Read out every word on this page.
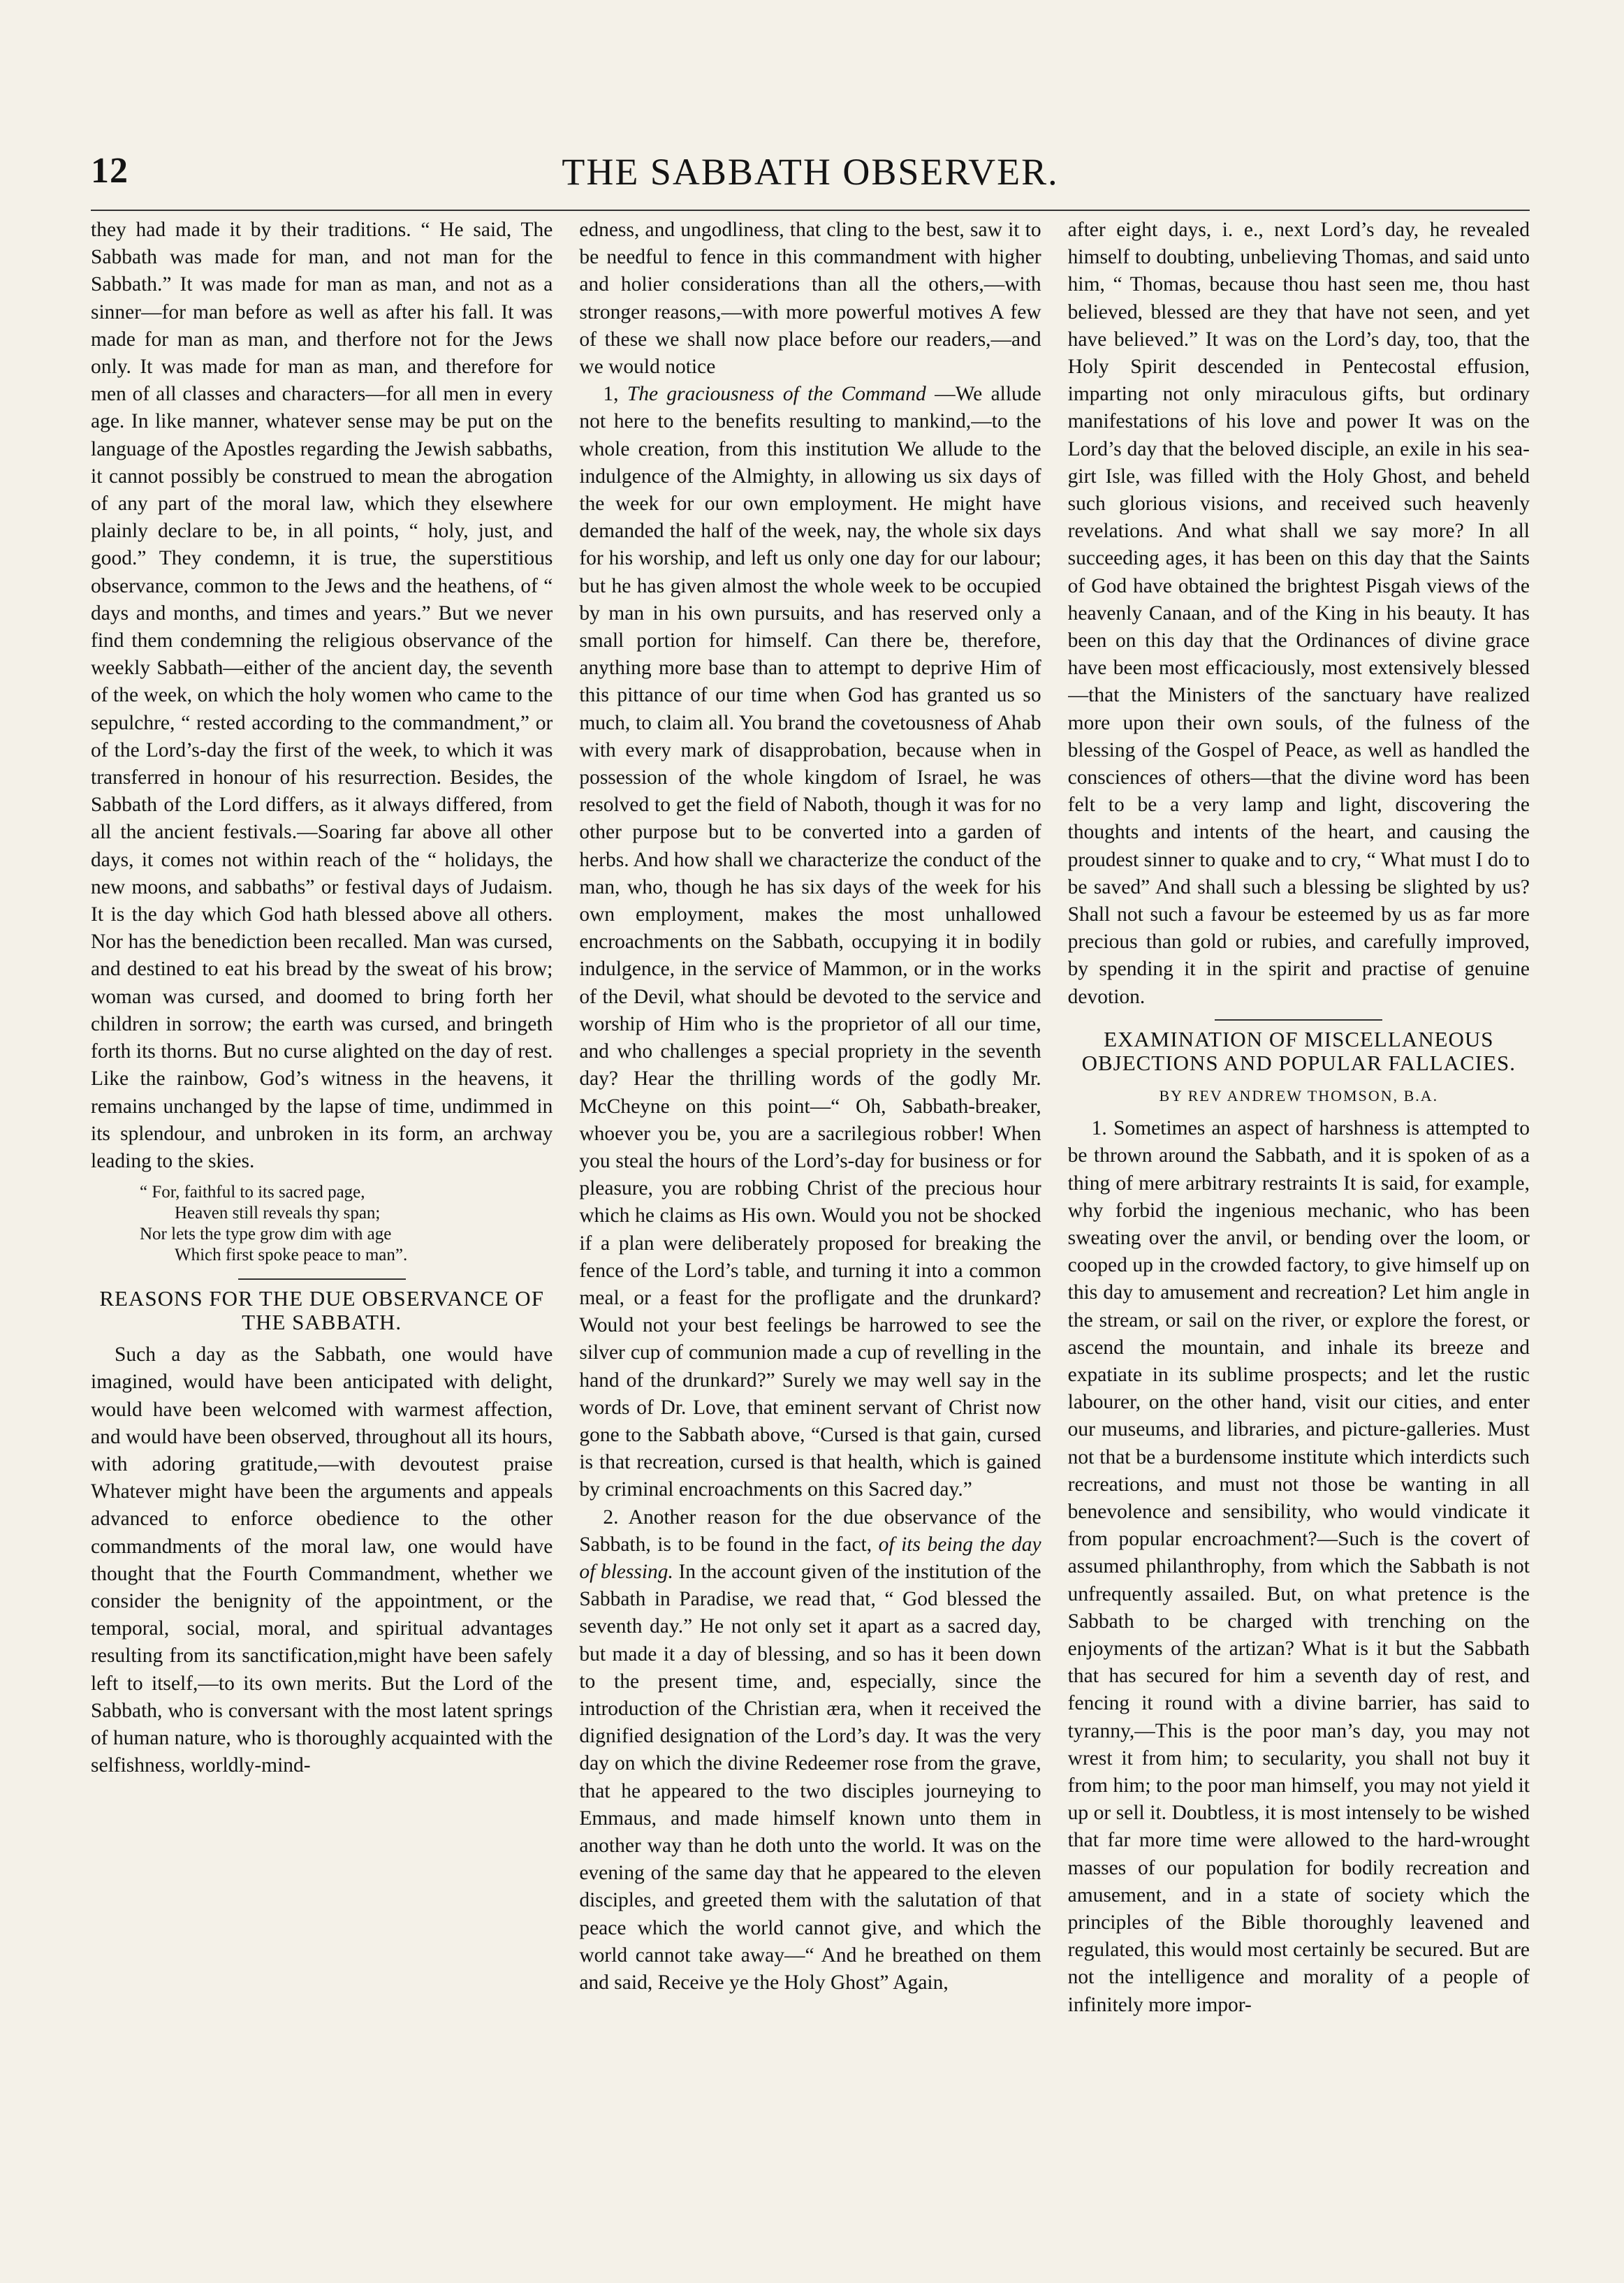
12	THE SABBATH OBSERVER.

they had made it by their traditions. “ He said, The Sabbath was made for man, and not man for the Sabbath.” It was made for man as man, and not as a sinner—for man before as well as after his fall. It was made for man as man, and therfore not for the Jews only. It was made for man as man, and therefore for men of all classes and characters—for all men in every age. In like manner, whatever sense may be put on the language of the Apostles regarding the Jewish sabbaths, it cannot possibly be construed to mean the abrogation of any part of the moral law, which they elsewhere plainly declare to be, in all points, “ holy, just, and good.” They condemn, it is true, the superstitious observance, common to the Jews and the heathens, of “ days and months, and times and years.” But we never find them condemning the religious observance of the weekly Sabbath—either of the ancient day, the seventh of the week, on which the holy women who came to the sepulchre, “ rested according to the commandment,” or of the Lord’s-day the first of the week, to which it was transferred in honour of his resurrection. Besides, the Sabbath of the Lord differs, as it always differed, from all the ancient festivals.—Soaring far above all other days, it comes not within reach of the “ holidays, the new moons, and sabbaths” or festival days of Judaism. It is the day which God hath blessed above all others. Nor has the benediction been recalled. Man was cursed, and destined to eat his bread by the sweat of his brow; woman was cursed, and doomed to bring forth her children in sorrow; the earth was cursed, and bringeth forth its thorns. But no curse alighted on the day of rest. Like the rainbow, God’s witness in the heavens, it remains unchanged by the lapse of time, undimmed in its splendour, and unbroken in its form, an archway leading to the skies.

“ For, faithful to its sacred page,
Heaven still reveals thy span;
Nor lets the type grow dim with age
Which first spoke peace to man”.
REASONS FOR THE DUE OBSERVANCE OF THE SABBATH.

Such a day as the Sabbath, one would have imagined, would have been anticipated with delight, would have been welcomed with warmest affection, and would have been observed, throughout all its hours, with adoring gratitude,—with devoutest praise Whatever might have been the arguments and appeals advanced to enforce obedience to the other commandments of the moral law, one would have thought that the Fourth Commandment, whether we consider the benignity of the appointment, or the temporal, social, moral, and spiritual advantages resulting from its sanctification,might have been safely left to itself,—to its own merits. But the Lord of the Sabbath, who is conversant with the most latent springs of human nature, who is thoroughly acquainted with the selfishness, worldly-mind-

edness, and ungodliness, that cling to the best, saw it to be needful to fence in this commandment with higher and holier considerations than all the others,—with stronger reasons,—with more powerful motives A few of these we shall now place before our readers,—and we would notice

1, The graciousness of the Command —We allude not here to the benefits resulting to mankind,—to the whole creation, from this institution We allude to the indulgence of the Almighty, in allowing us six days of the week for our own employment. He might have demanded the half of the week, nay, the whole six days for his worship, and left us only one day for our labour; but he has given almost the whole week to be occupied by man in his own pursuits, and has reserved only a small portion for himself. Can there be, therefore, anything more base than to attempt to deprive Him of this pittance of our time when God has granted us so much, to claim all. You brand the covetousness of Ahab with every mark of disapprobation, because when in possession of the whole kingdom of Israel, he was resolved to get the field of Naboth, though it was for no other purpose but to be converted into a garden of herbs. And how shall we characterize the conduct of the man, who, though he has six days of the week for his own employment, makes the most unhallowed encroachments on the Sabbath, occupying it in bodily indulgence, in the service of Mammon, or in the works of the Devil, what should be devoted to the service and worship of Him who is the proprietor of all our time, and who challenges a special propriety in the seventh day? Hear the thrilling words of the godly Mr. McCheyne on this point—“ Oh, Sabbath-breaker, whoever you be, you are a sacrilegious robber! When you steal the hours of the Lord’s-day for business or for pleasure, you are robbing Christ of the precious hour which he claims as His own. Would you not be shocked if a plan were deliberately proposed for breaking the fence of the Lord’s table, and turning it into a common meal, or a feast for the profligate and the drunkard? Would not your best feelings be harrowed to see the silver cup of communion made a cup of revelling in the hand of the drunkard?” Surely we may well say in the words of Dr. Love, that eminent servant of Christ now gone to the Sabbath above, “Cursed is that gain, cursed is that recreation, cursed is that health, which is gained by criminal encroachments on this Sacred day.”

2. Another reason for the due observance of the Sabbath, is to be found in the fact, of its being the day of blessing. In the account given of the institution of the Sabbath in Paradise, we read that, “ God blessed the seventh day.” He not only set it apart as a sacred day, but made it a day of blessing, and so has it been down to the present time, and, especially, since the introduction of the Christian æra, when it received the dignified designation of the Lord’s day. It was the very day on which the divine Redeemer rose from the grave, that he appeared to the two disciples journeying to Emmaus, and made himself known unto them in another way than he doth unto the world. It was on the evening of the same day that he appeared to the eleven disciples, and greeted them with the salutation of that peace which the world cannot give, and which the world cannot take away—“ And he breathed on them and said, Receive ye the Holy Ghost” Again,

after eight days, i. e., next Lord’s day, he revealed himself to doubting, unbelieving Thomas, and said unto him, “ Thomas, because thou hast seen me, thou hast believed, blessed are they that have not seen, and yet have believed.” It was on the Lord’s day, too, that the Holy Spirit descended in Pentecostal effusion, imparting not only miraculous gifts, but ordinary manifestations of his love and power It was on the Lord’s day that the beloved disciple, an exile in his sea-girt Isle, was filled with the Holy Ghost, and beheld such glorious visions, and received such heavenly revelations. And what shall we say more? In all succeeding ages, it has been on this day that the Saints of God have obtained the brightest Pisgah views of the heavenly Canaan, and of the King in his beauty. It has been on this day that the Ordinances of divine grace have been most efficaciously, most extensively blessed—that the Ministers of the sanctuary have realized more upon their own souls, of the fulness of the blessing of the Gospel of Peace, as well as handled the consciences of others—that the divine word has been felt to be a very lamp and light, discovering the thoughts and intents of the heart, and causing the proudest sinner to quake and to cry, “ What must I do to be saved” And shall such a blessing be slighted by us? Shall not such a favour be esteemed by us as far more precious than gold or rubies, and carefully improved, by spending it in the spirit and practise of genuine devotion.

EXAMINATION OF MISCELLANEOUS OBJECTIONS AND POPULAR FALLACIES.
BY REV ANDREW THOMSON, B.A.

1. Sometimes an aspect of harshness is attempted to be thrown around the Sabbath, and it is spoken of as a thing of mere arbitrary restraints It is said, for example, why forbid the ingenious mechanic, who has been sweating over the anvil, or bending over the loom, or cooped up in the crowded factory, to give himself up on this day to amusement and recreation? Let him angle in the stream, or sail on the river, or explore the forest, or ascend the mountain, and inhale its breeze and expatiate in its sublime prospects; and let the rustic labourer, on the other hand, visit our cities, and enter our museums, and libraries, and picture-galleries. Must not that be a burdensome institute which interdicts such recreations, and must not those be wanting in all benevolence and sensibility, who would vindicate it from popular encroachment?—Such is the covert of assumed philanthrophy, from which the Sabbath is not unfrequently assailed. But, on what pretence is the Sabbath to be charged with trenching on the enjoyments of the artizan? What is it but the Sabbath that has secured for him a seventh day of rest, and fencing it round with a divine barrier, has said to tyranny,—This is the poor man’s day, you may not wrest it from him; to secularity, you shall not buy it from him; to the poor man himself, you may not yield it up or sell it. Doubtless, it is most intensely to be wished that far more time were allowed to the hard-wrought masses of our population for bodily recreation and amusement, and in a state of society which the principles of the Bible thoroughly leavened and regulated, this would most certainly be secured. But are not the intelligence and morality of a people of infinitely more impor-
